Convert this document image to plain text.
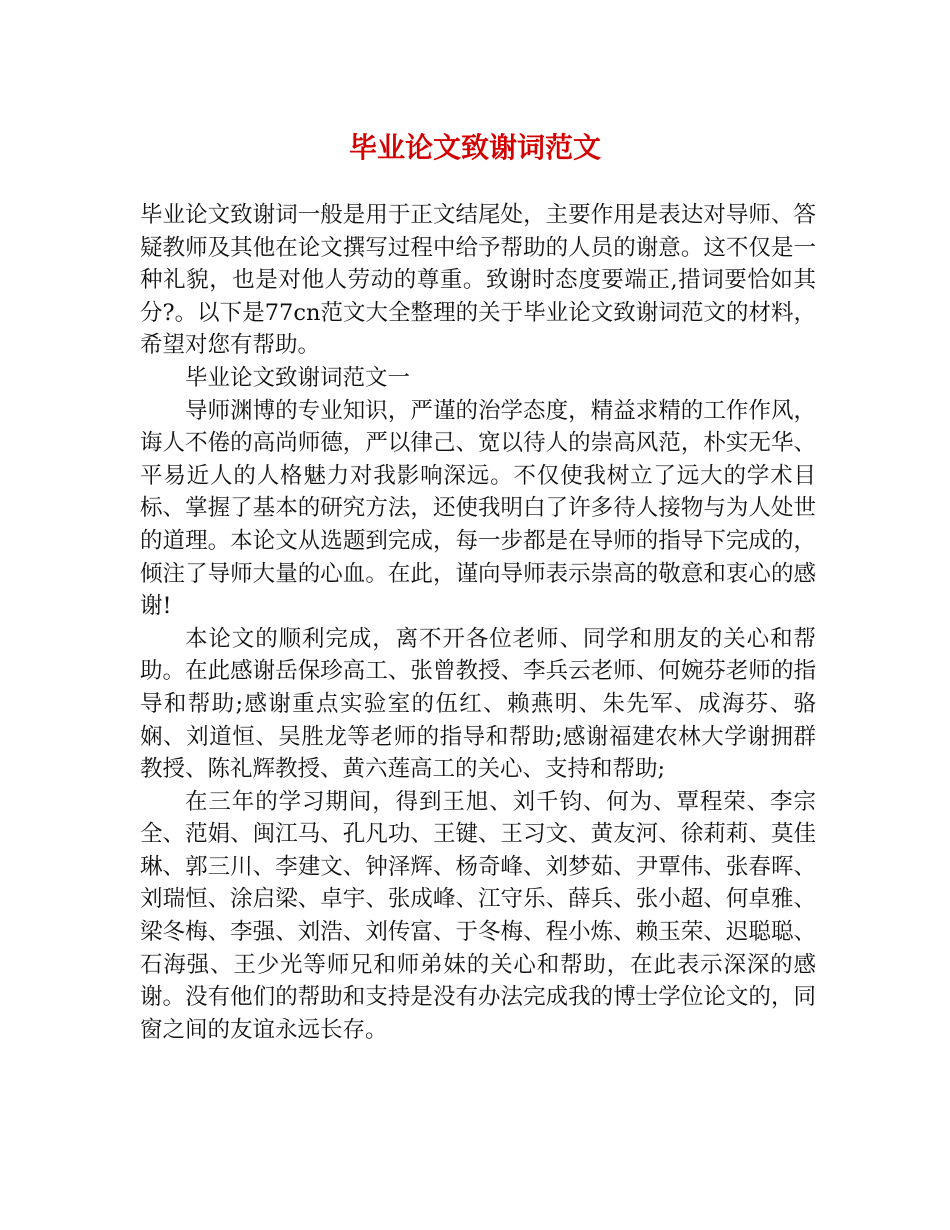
毕业论文致谢词范文

毕业论文致谢词一般是用于正文结尾处，主要作用是表达对导师、答疑教师及其他在论文撰写过程中给予帮助的人员的谢意。这不仅是一种礼貌，也是对他人劳动的尊重。致谢时态度要端正,措词要恰如其分?。以下是77cn范文大全整理的关于毕业论文致谢词范文的材料，希望对您有帮助。

毕业论文致谢词范文一

导师渊博的专业知识，严谨的治学态度，精益求精的工作作风，诲人不倦的高尚师德，严以律己、宽以待人的崇高风范，朴实无华、平易近人的人格魅力对我影响深远。不仅使我树立了远大的学术目标、掌握了基本的研究方法，还使我明白了许多待人接物与为人处世的道理。本论文从选题到完成，每一步都是在导师的指导下完成的，倾注了导师大量的心血。在此，谨向导师表示崇高的敬意和衷心的感谢!

本论文的顺利完成，离不开各位老师、同学和朋友的关心和帮助。在此感谢岳保珍高工、张曾教授、李兵云老师、何婉芬老师的指导和帮助;感谢重点实验室的伍红、赖燕明、朱先军、成海芬、骆娴、刘道恒、吴胜龙等老师的指导和帮助;感谢福建农林大学谢拥群教授、陈礼辉教授、黄六莲高工的关心、支持和帮助;

在三年的学习期间，得到王旭、刘千钧、何为、覃程荣、李宗全、范娟、闽江马、孔凡功、王键、王习文、黄友河、徐莉莉、莫佳琳、郭三川、李建文、钟泽辉、杨奇峰、刘梦茹、尹覃伟、张春晖、刘瑞恒、涂启梁、卓宇、张成峰、江守乐、薛兵、张小超、何卓雅、梁冬梅、李强、刘浩、刘传富、于冬梅、程小炼、赖玉荣、迟聪聪、石海强、王少光等师兄和师弟妹的关心和帮助，在此表示深深的感谢。没有他们的帮助和支持是没有办法完成我的博士学位论文的，同窗之间的友谊永远长存。
